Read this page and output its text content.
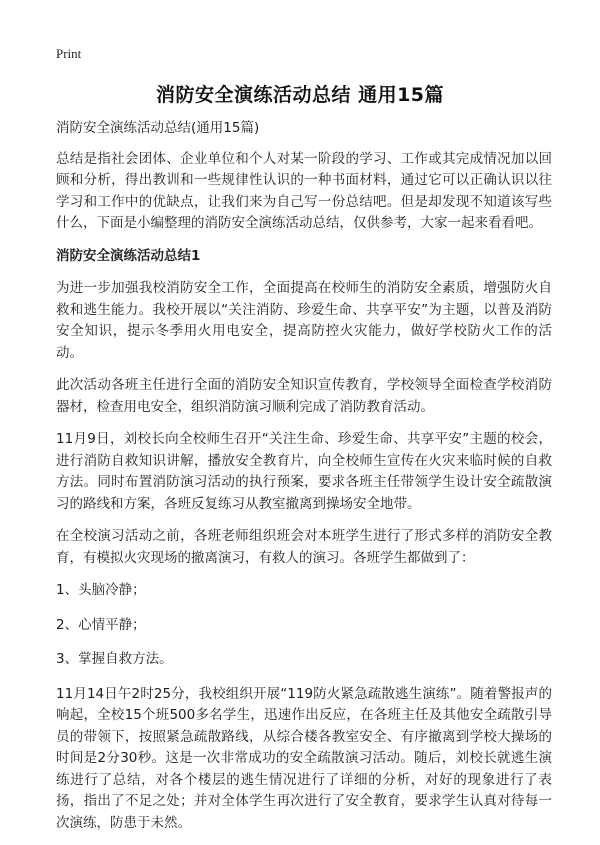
Print
消防安全演练活动总结 通用15篇

消防安全演练活动总结(通用15篇)

总结是指社会团体、企业单位和个人对某一阶段的学习、工作或其完成情况加以回顾和分析，得出教训和一些规律性认识的一种书面材料，通过它可以正确认识以往学习和工作中的优缺点，让我们来为自己写一份总结吧。但是却发现不知道该写些什么，下面是小编整理的消防安全演练活动总结，仅供参考，大家一起来看看吧。

消防安全演练活动总结1

为进一步加强我校消防安全工作，全面提高在校师生的消防安全素质，增强防火自救和逃生能力。我校开展以“关注消防、珍爱生命、共享平安”为主题，以普及消防安全知识，提示冬季用火用电安全，提高防控火灾能力，做好学校防火工作的活动。

此次活动各班主任进行全面的消防安全知识宣传教育，学校领导全面检查学校消防器材，检查用电安全，组织消防演习顺利完成了消防教育活动。

11月9日，刘校长向全校师生召开“关注生命、珍爱生命、共享平安”主题的校会，进行消防自救知识讲解，播放安全教育片，向全校师生宣传在火灾来临时候的自救方法。同时布置消防演习活动的执行预案，要求各班主任带领学生设计安全疏散演习的路线和方案，各班反复练习从教室撤离到操场安全地带。

在全校演习活动之前，各班老师组织班会对本班学生进行了形式多样的消防安全教育，有模拟火灾现场的撤离演习，有救人的演习。各班学生都做到了：

1、头脑冷静；

2、心情平静；

3、掌握自救方法。

11月14日午2时25分，我校组织开展“119防火紧急疏散逃生演练”。随着警报声的响起，全校15个班500多名学生，迅速作出反应，在各班主任及其他安全疏散引导员的带领下，按照紧急疏散路线，从综合楼各教室安全、有序撤离到学校大操场的时间是2分30秒。这是一次非常成功的安全疏散演习活动。随后，刘校长就逃生演练进行了总结，对各个楼层的逃生情况进行了详细的分析，对好的现象进行了表扬，指出了不足之处；并对全体学生再次进行了安全教育，要求学生认真对待每一次演练，防患于未然。
